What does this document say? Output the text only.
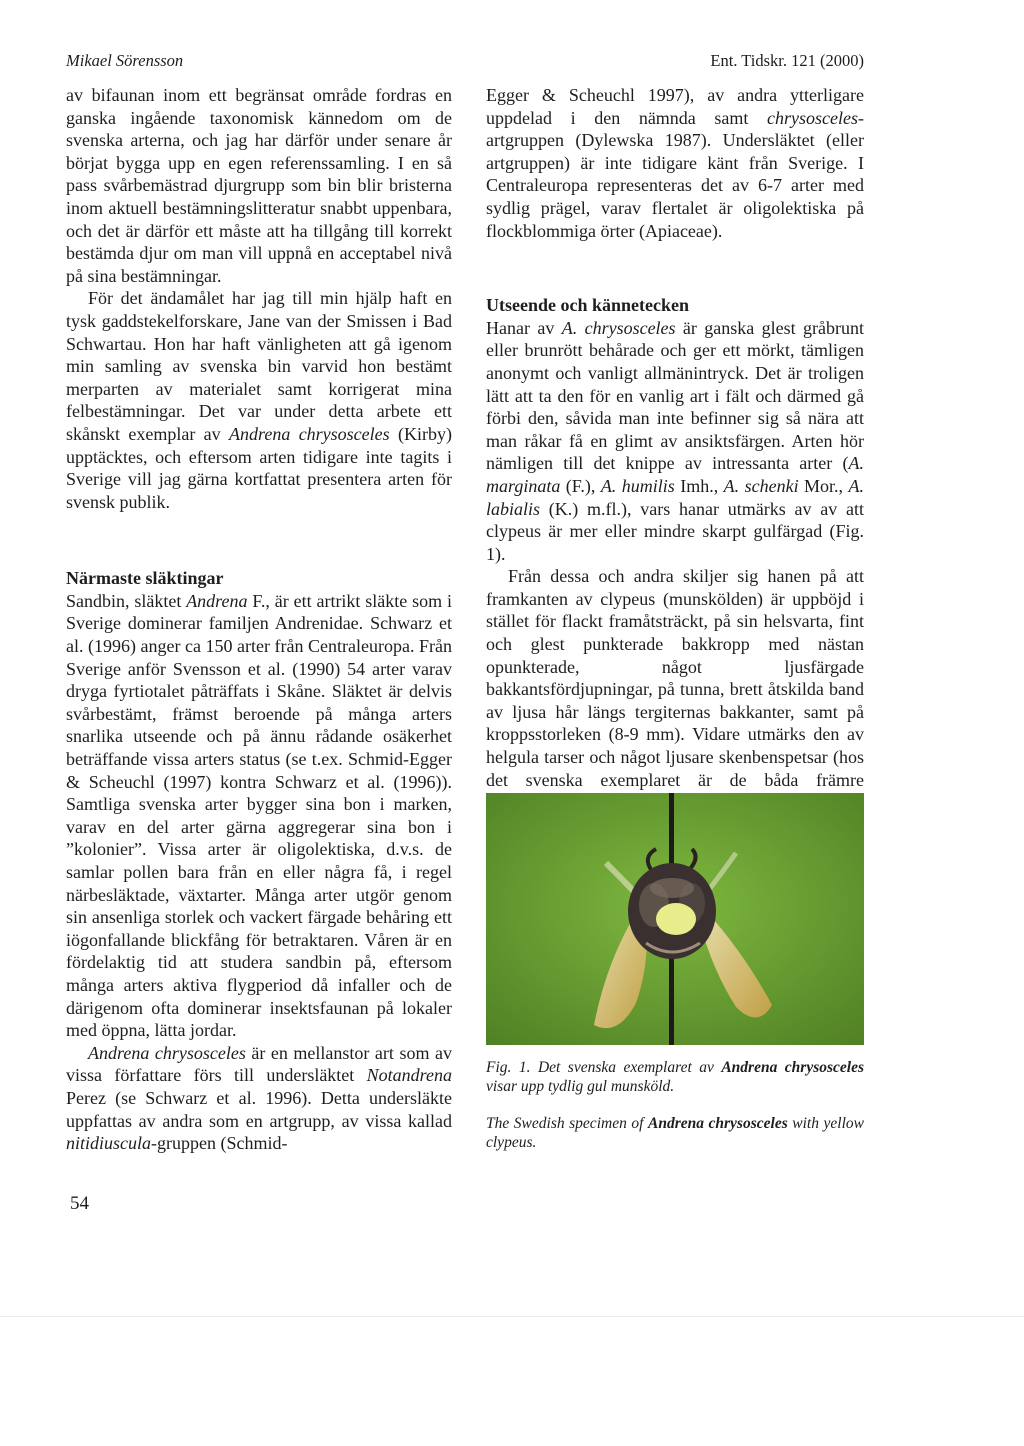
Mikael Sörensson	Ent. Tidskr. 121 (2000)

av bifaunan inom ett begränsat område fordras en ganska ingående taxonomisk kännedom om de svenska arterna, och jag har därför under senare år börjat bygga upp en egen referenssamling. I en så pass svårbemästrad djurgrupp som bin blir bristerna inom aktuell bestämningslitteratur snabbt uppenbara, och det är därför ett måste att ha tillgång till korrekt bestämda djur om man vill uppnå en acceptabel nivå på sina bestämningar.

För det ändamålet har jag till min hjälp haft en tysk gaddstekelforskare, Jane van der Smissen i Bad Schwartau. Hon har haft vänligheten att gå igenom min samling av svenska bin varvid hon bestämt merparten av materialet samt korrigerat mina felbestämningar. Det var under detta arbete ett skånskt exemplar av Andrena chrysosceles (Kirby) upptäcktes, och eftersom arten tidigare inte tagits i Sverige vill jag gärna kortfattat presentera arten för svensk publik.

Närmaste släktingar

Sandbin, släktet Andrena F., är ett artrikt släkte som i Sverige dominerar familjen Andrenidae. Schwarz et al. (1996) anger ca 150 arter från Centraleuropa. Från Sverige anför Svensson et al. (1990) 54 arter varav dryga fyrtiotalet påträffats i Skåne. Släktet är delvis svårbestämt, främst beroende på många arters snarlika utseende och på ännu rådande osäkerhet beträffande vissa arters status (se t.ex. Schmid-Egger & Scheuchl (1997) kontra Schwarz et al. (1996)). Samtliga svenska arter bygger sina bon i marken, varav en del arter gärna aggregerar sina bon i ”kolonier”. Vissa arter är oligolektiska, d.v.s. de samlar pollen bara från en eller några få, i regel närbesläktade, växtarter. Många arter utgör genom sin ansenliga storlek och vackert färgade behåring ett iögonfallande blickfång för betraktaren. Våren är en fördelaktig tid att studera sandbin på, eftersom många arters aktiva flygperiod då infaller och de därigenom ofta dominerar insektsfaunan på lokaler med öppna, lätta jordar.

Andrena chrysosceles är en mellanstor art som av vissa författare förs till undersläktet Notandrena Perez (se Schwarz et al. 1996). Detta undersläkte uppfattas av andra som en artgrupp, av vissa kallad nitidiuscula-gruppen (Schmid-

Egger & Scheuchl 1997), av andra ytterligare uppdelad i den nämnda samt chrysosceles-artgruppen (Dylewska 1987). Undersläktet (eller artgruppen) är inte tidigare känt från Sverige. I Centraleuropa representeras det av 6-7 arter med sydlig prägel, varav flertalet är oligolektiska på flockblommiga örter (Apiaceae).

Utseende och kännetecken

Hanar av A. chrysosceles är ganska glest gråbrunt eller brunrött behårade och ger ett mörkt, tämligen anonymt och vanligt allmänintryck. Det är troligen lätt att ta den för en vanlig art i fält och därmed gå förbi den, såvida man inte befinner sig så nära att man råkar få en glimt av ansiktsfärgen. Arten hör nämligen till det knippe av intressanta arter (A. marginata (F.), A. humilis Imh., A. schenki Mor., A. labialis (K.) m.fl.), vars hanar utmärks av av att clypeus är mer eller mindre skarpt gulfärgad (Fig. 1).

Från dessa och andra skiljer sig hanen på att framkanten av clypeus (munskölden) är uppböjd i stället för flackt framåtsträckt, på sin helsvarta, fint och glest punkterade bakkropp med nästan opunkterade, något ljusfärgade bakkantsfördjupningar, på tunna, brett åtskilda band av ljusa hår längs tergiternas bakkanter, samt på kroppsstorleken (8-9 mm). Vidare utmärks den av helgula tarser och något ljusare skenbenspetsar (hos det svenska exemplaret är de båda främre

Fig. 1. Det svenska exemplaret av Andrena chrysosceles visar upp tydlig gul munsköld.
The Swedish specimen of Andrena chrysosceles with yellow clypeus.
54
